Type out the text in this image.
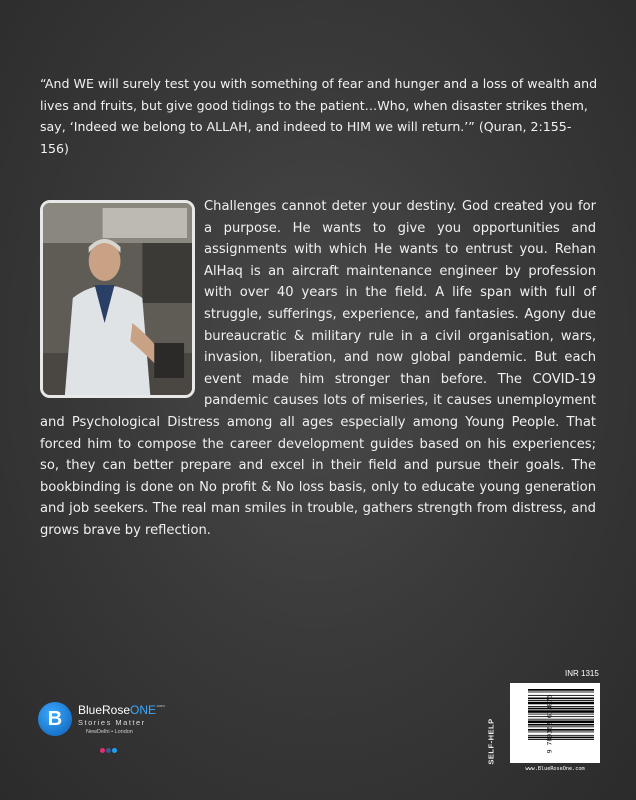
“And WE will surely test you with something of fear and hunger and a loss of wealth and lives and fruits, but give good tidings to the patient…Who, when disaster strikes them, say, ‘Indeed we belong to ALLAH, and indeed to HIM we will return.’” (Quran, 2:155-156)

Challenges cannot deter your destiny. God created you for a purpose. He wants to give you opportunities and assignments with which He wants to entrust you. Rehan AlHaq is an aircraft maintenance engineer by profession with over 40 years in the field. A life span with full of struggle, sufferings, experience, and fantasies. Agony due bureaucratic & military rule in a civil organisation, wars, invasion, liberation, and now global pandemic. But each event made him stronger than before. The COVID-19 pandemic causes lots of miseries, it causes unemployment and Psychological Distress among all ages especially among Young People. That forced him to compose the career development guides based on his experiences; so, they can better prepare and excel in their field and pursue their goals. The bookbinding is done on No profit & No loss basis, only to educate young generation and job seekers. The real man smiles in trouble, gathers strength from distress, and grows brave by reflection.

B	BlueRoseONE$^{.com}$
Stories Matter
NewDelhi • London
INR 1315
SELF-HELP	9 789362 613875
www.BlueRoseOne.com
